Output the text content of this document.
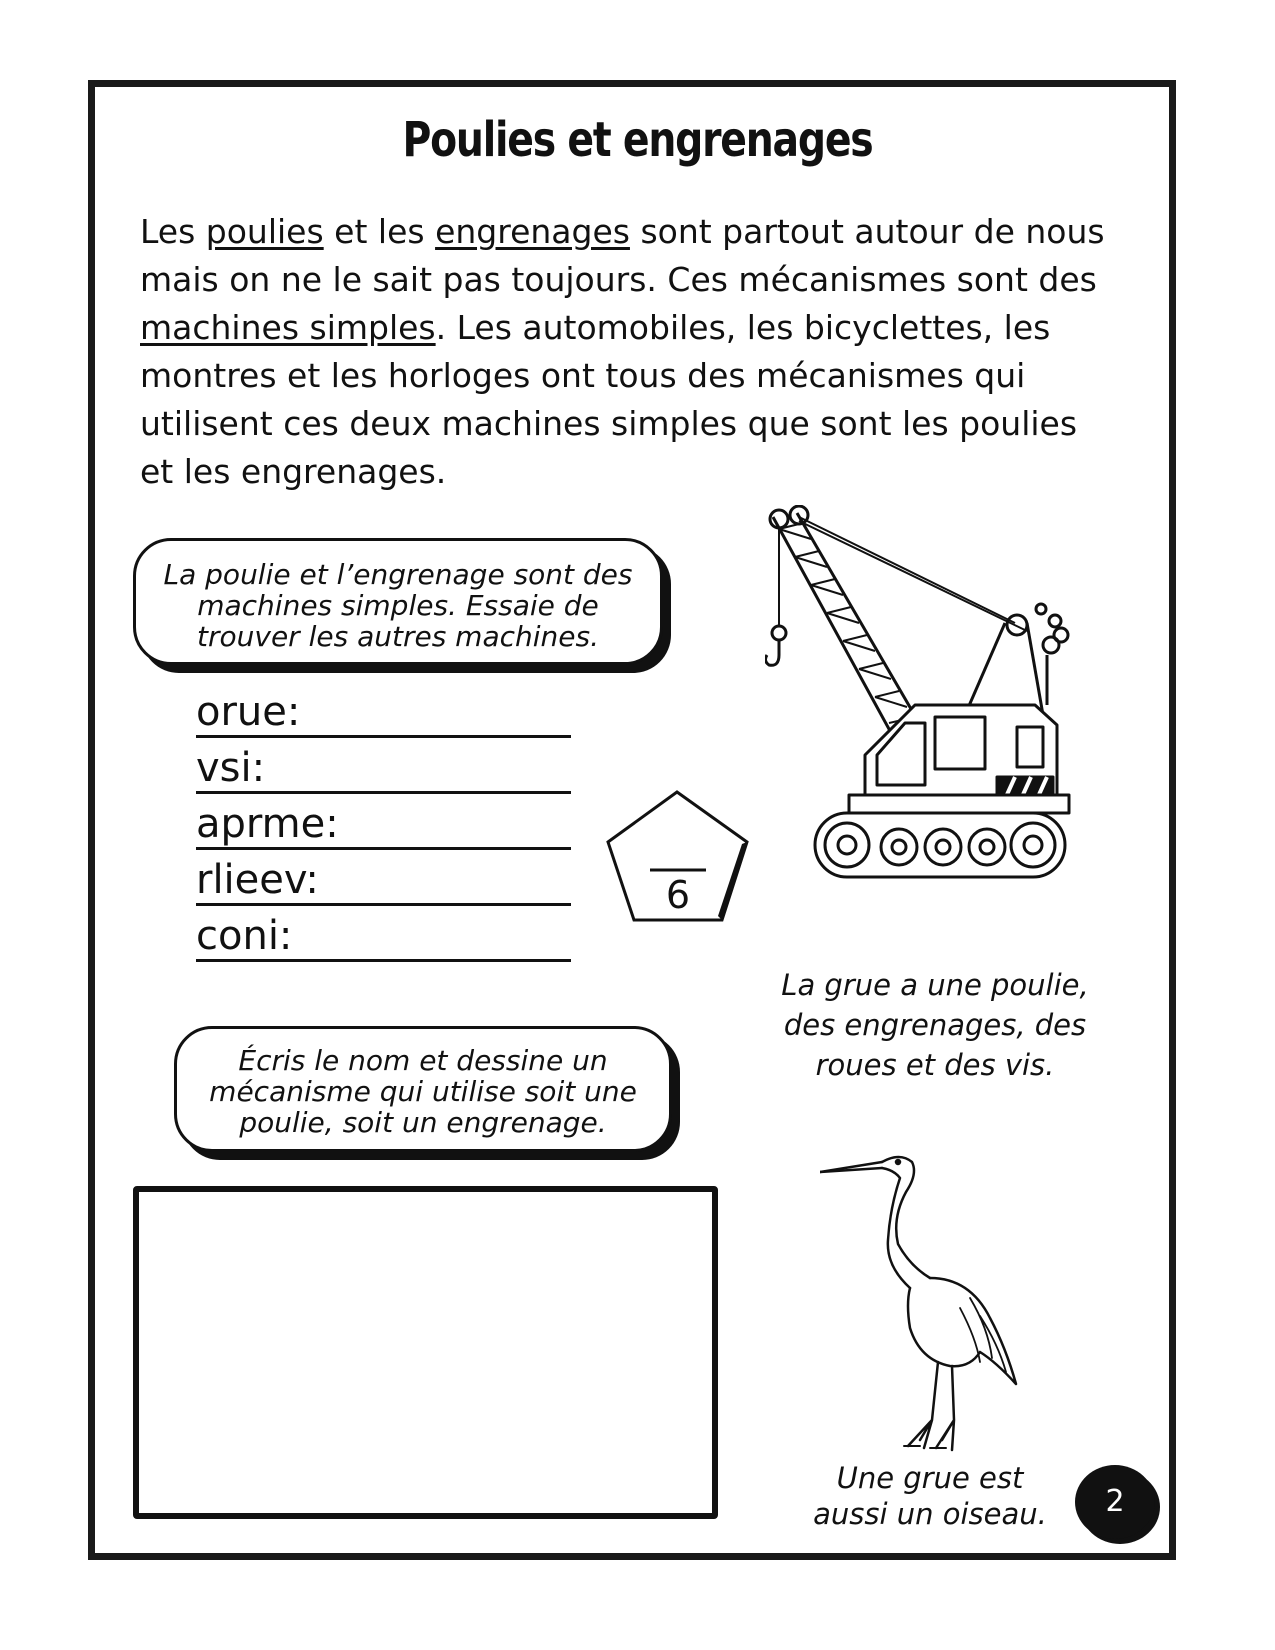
Poulies et engrenages
Les poulies et les engrenages sont partout autour de nous mais on ne le sait pas toujours. Ces mécanismes sont des machines simples. Les automobiles, les bicyclettes, les montres et les horloges ont tous des mécanismes qui utilisent ces deux machines simples que sont les poulies et les engrenages.
La poulie et l’engrenage sont des
machines simples. Essaie de
trouver les autres machines.
orue:
vsi:
aprme:
rlieev:
coni:
6
Écris le nom et dessine un
mécanisme qui utilise soit une
poulie, soit un engrenage.
La grue a une poulie,
des engrenages, des
roues et des vis.
Une grue est
aussi un oiseau.	2
